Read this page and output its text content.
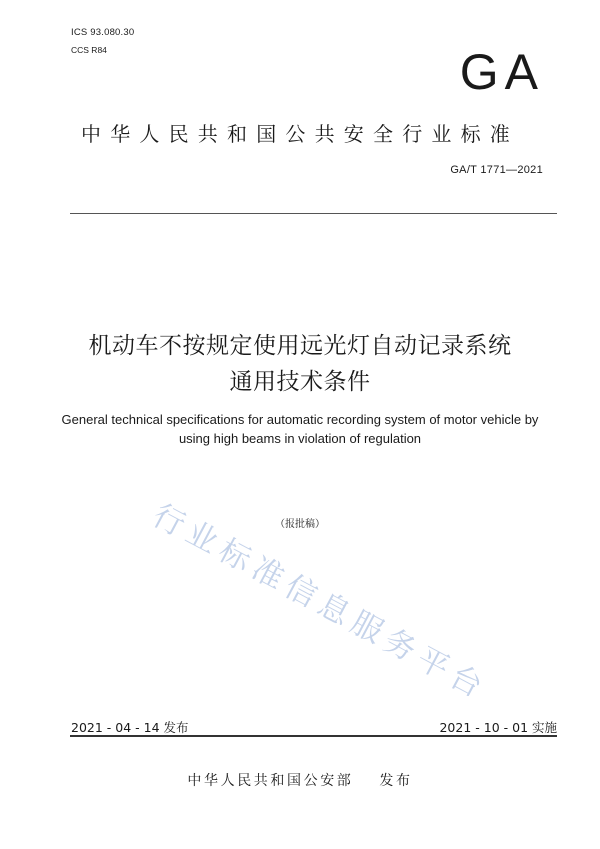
ICS 93.080.30
CCS R84	GA
中华人民共和国公共安全行业标准
GA/T 1771—2021
机动车不按规定使用远光灯自动记录系统
通用技术条件
General technical specifications for automatic recording system of motor vehicle by
using high beams in violation of regulation
（报批稿）
行
业
标
准
信
息
服
务
平
台
2021 - 04 - 14 发布	2021 - 10 - 01 实施
中华人民共和国公安部 发布
